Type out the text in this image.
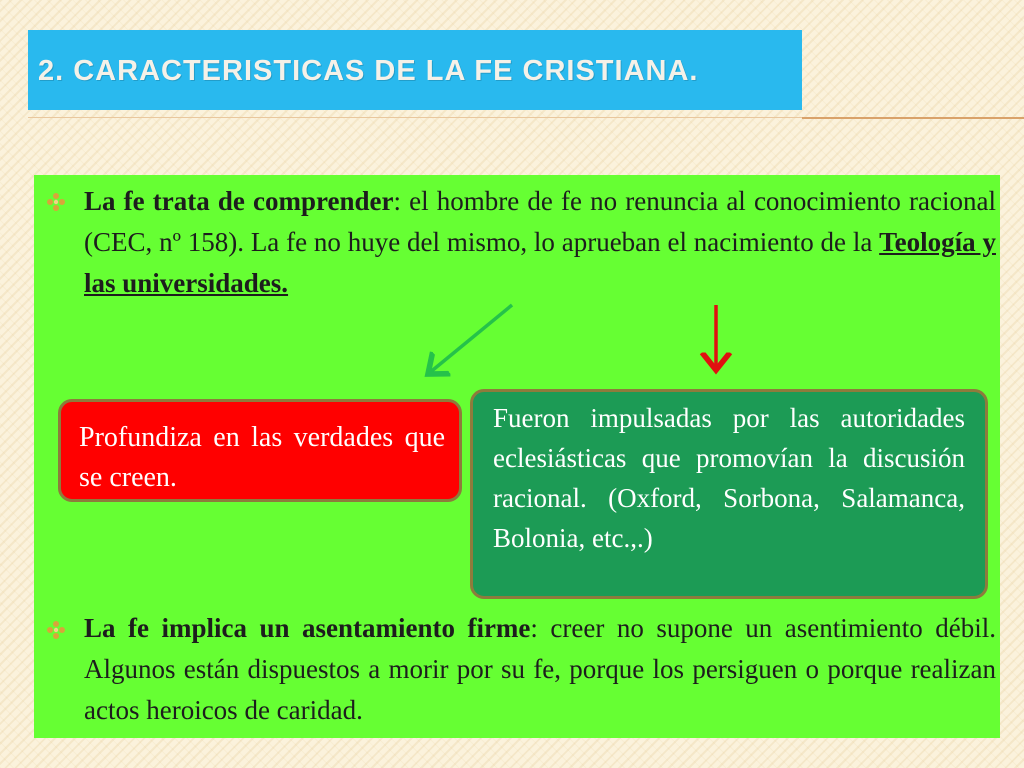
2. CARACTERISTICAS DE LA FE CRISTIANA.
La fe trata de comprender: el hombre de fe no renuncia al conocimiento racional (CEC, nº 158). La fe no huye del mismo, lo aprueban el nacimiento de la Teología y las universidades.
Profundiza en las verdades que se creen.
Fueron impulsadas por las autoridades eclesiásticas que promovían la discusión racional. (Oxford, Sorbona, Salamanca, Bolonia, etc.,.)
La fe implica un asentamiento firme: creer no supone un asentimiento débil. Algunos están dispuestos a morir por su fe, porque los persiguen o porque realizan actos heroicos de caridad.
